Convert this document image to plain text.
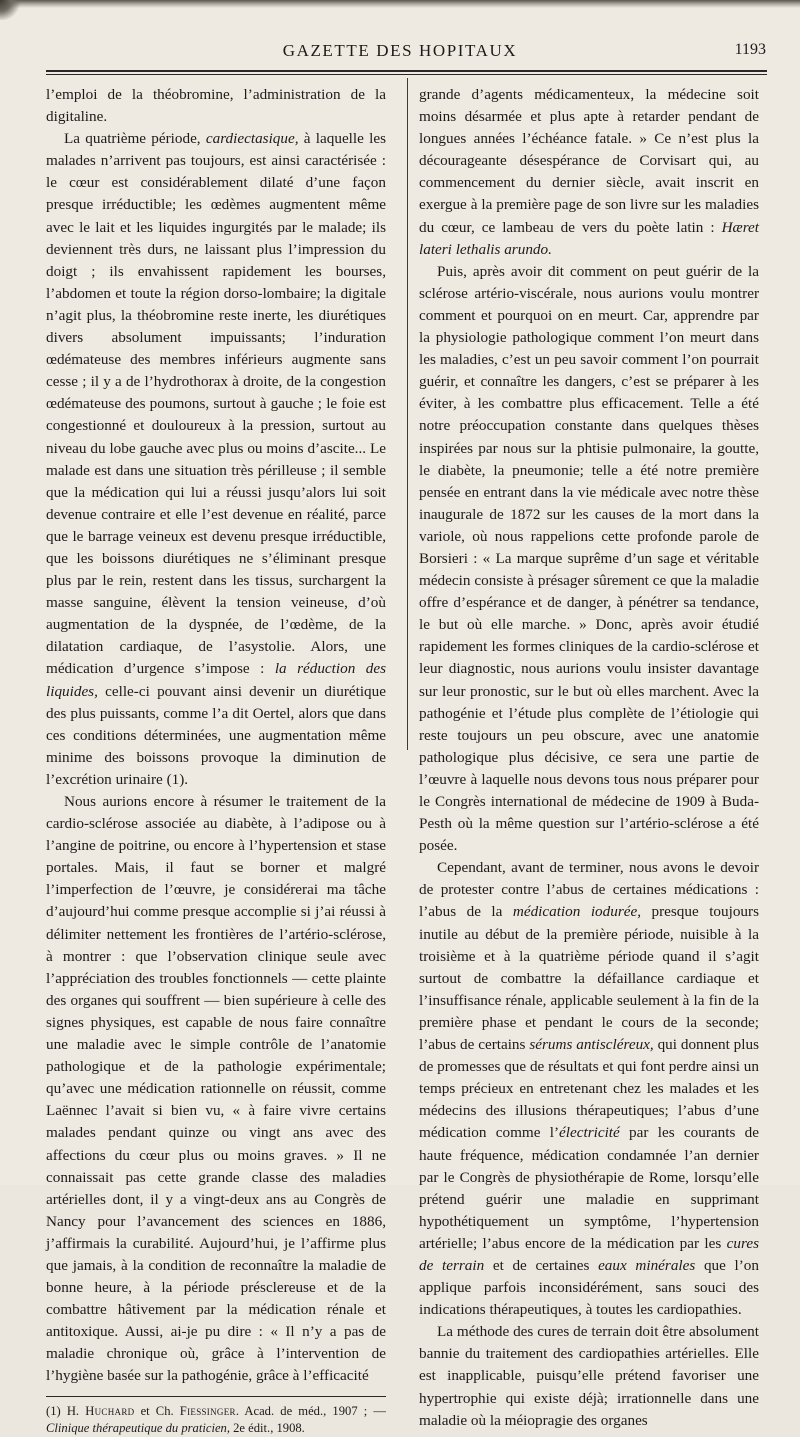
GAZETTE DES HOPITAUX	1193

l’emploi de la théobromine, l’administration de la digitaline.

La quatrième période, cardiectasique, à laquelle les malades n’arrivent pas toujours, est ainsi caractérisée : le cœur est considérablement dilaté d’une façon presque irréductible; les œdèmes augmentent même avec le lait et les liquides ingurgités par le malade; ils deviennent très durs, ne laissant plus l’impression du doigt ; ils envahissent rapidement les bourses, l’abdomen et toute la région dorso-lombaire; la digitale n’agit plus, la théobromine reste inerte, les diurétiques divers absolument impuissants; l’induration œdémateuse des membres inférieurs augmente sans cesse ; il y a de l’hydrothorax à droite, de la congestion œdémateuse des poumons, surtout à gauche ; le foie est congestionné et douloureux à la pression, surtout au niveau du lobe gauche avec plus ou moins d’ascite... Le malade est dans une situation très périlleuse ; il semble que la médication qui lui a réussi jusqu’alors lui soit devenue contraire et elle l’est devenue en réalité, parce que le barrage veineux est devenu presque irréductible, que les boissons diurétiques ne s’éliminant presque plus par le rein, restent dans les tissus, surchargent la masse sanguine, élèvent la tension veineuse, d’où augmentation de la dyspnée, de l’œdème, de la dilatation cardiaque, de l’asystolie. Alors, une médication d’urgence s’impose : la réduction des liquides, celle-ci pouvant ainsi devenir un diurétique des plus puissants, comme l’a dit Oertel, alors que dans ces conditions déterminées, une augmentation même minime des boissons provoque la diminution de l’excrétion urinaire (1).

Nous aurions encore à résumer le traitement de la cardio-sclérose associée au diabète, à l’adipose ou à l’angine de poitrine, ou encore à l’hypertension et stase portales. Mais, il faut se borner et malgré l’imperfection de l’œuvre, je considérerai ma tâche d’aujourd’hui comme presque accomplie si j’ai réussi à délimiter nettement les frontières de l’artério-sclérose, à montrer : que l’observation clinique seule avec l’appréciation des troubles fonctionnels — cette plainte des organes qui souffrent — bien supérieure à celle des signes physiques, est capable de nous faire connaître une maladie avec le simple contrôle de l’anatomie pathologique et de la pathologie expérimentale; qu’avec une médication rationnelle on réussit, comme Laënnec l’avait si bien vu, « à faire vivre certains malades pendant quinze ou vingt ans avec des affections du cœur plus ou moins graves. » Il ne connaissait pas cette grande classe des maladies artérielles dont, il y a vingt-deux ans au Congrès de Nancy pour l’avancement des sciences en 1886, j’affirmais la curabilité. Aujourd’hui, je l’affirme plus que jamais, à la condition de reconnaître la maladie de bonne heure, à la période présclereuse et de la combattre hâtivement par la médication rénale et antitoxique. Aussi, ai-je pu dire : « Il n’y a pas de maladie chronique où, grâce à l’intervention de l’hygiène basée sur la pathogénie, grâce à l’efficacité

(1) H. Huchard et Ch. Fiessinger. Acad. de méd., 1907 ; — Clinique thérapeutique du praticien, 2e édit., 1908.

grande d’agents médicamenteux, la médecine soit moins désarmée et plus apte à retarder pendant de longues années l’échéance fatale. » Ce n’est plus la décourageante désespérance de Corvisart qui, au commencement du dernier siècle, avait inscrit en exergue à la première page de son livre sur les maladies du cœur, ce lambeau de vers du poète latin : Hæret lateri lethalis arundo.

Puis, après avoir dit comment on peut guérir de la sclérose artério-viscérale, nous aurions voulu montrer comment et pourquoi on en meurt. Car, apprendre par la physiologie pathologique comment l’on meurt dans les maladies, c’est un peu savoir comment l’on pourrait guérir, et connaître les dangers, c’est se préparer à les éviter, à les combattre plus efficacement. Telle a été notre préoccupation constante dans quelques thèses inspirées par nous sur la phtisie pulmonaire, la goutte, le diabète, la pneumonie; telle a été notre première pensée en entrant dans la vie médicale avec notre thèse inaugurale de 1872 sur les causes de la mort dans la variole, où nous rappelions cette profonde parole de Borsieri : « La marque suprême d’un sage et véritable médecin consiste à présager sûrement ce que la maladie offre d’espérance et de danger, à pénétrer sa tendance, le but où elle marche. » Donc, après avoir étudié rapidement les formes cliniques de la cardio-sclérose et leur diagnostic, nous aurions voulu insister davantage sur leur pronostic, sur le but où elles marchent. Avec la pathogénie et l’étude plus complète de l’étiologie qui reste toujours un peu obscure, avec une anatomie pathologique plus décisive, ce sera une partie de l’œuvre à laquelle nous devons tous nous préparer pour le Congrès international de médecine de 1909 à Buda-Pesth où la même question sur l’artério-sclérose a été posée.

Cependant, avant de terminer, nous avons le devoir de protester contre l’abus de certaines médications : l’abus de la médication iodurée, presque toujours inutile au début de la première période, nuisible à la troisième et à la quatrième période quand il s’agit surtout de combattre la défaillance cardiaque et l’insuffisance rénale, applicable seulement à la fin de la première phase et pendant le cours de la seconde; l’abus de certains sérums antiscléreux, qui donnent plus de promesses que de résultats et qui font perdre ainsi un temps précieux en entretenant chez les malades et les médecins des illusions thérapeutiques; l’abus d’une médication comme l’électricité par les courants de haute fréquence, médication condamnée l’an dernier par le Congrès de physiothérapie de Rome, lorsqu’elle prétend guérir une maladie en supprimant hypothétiquement un symptôme, l’hypertension artérielle; l’abus encore de la médication par les cures de terrain et de certaines eaux minérales que l’on applique parfois inconsidérément, sans souci des indications thérapeutiques, à toutes les cardiopathies.

La méthode des cures de terrain doit être absolument bannie du traitement des cardiopathies artérielles. Elle est inapplicable, puisqu’elle prétend favoriser une hypertrophie qui existe déjà; irrationnelle dans une maladie où la méiopragie des organes
